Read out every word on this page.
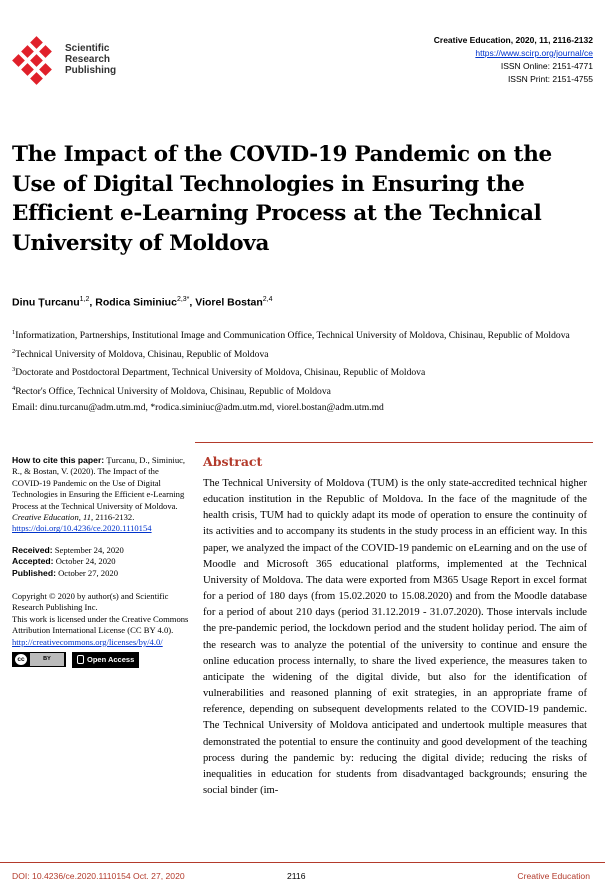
Scientific
Research
Publishing
Creative Education, 2020, 11, 2116-2132
https://www.scirp.org/journal/ce
ISSN Online: 2151-4771
ISSN Print: 2151-4755
The Impact of the COVID-19 Pandemic on the Use of Digital Technologies in Ensuring the Efficient e-Learning Process at the Technical University of Moldova
Dinu Țurcanu$^{1,2}$, Rodica Siminiuc$^{2,3*}$, Viorel Bostan$^{2,4}$
$^1$Informatization, Partnerships, Institutional Image and Communication Office, Technical University of Moldova, Chisinau, Republic of Moldova
$^2$Technical University of Moldova, Chisinau, Republic of Moldova
$^3$Doctorate and Postdoctoral Department, Technical University of Moldova, Chisinau, Republic of Moldova
$^4$Rector's Office, Technical University of Moldova, Chisinau, Republic of Moldova
Email: dinu.turcanu@adm.utm.md, *rodica.siminiuc@adm.utm.md, viorel.bostan@adm.utm.md
How to cite this paper: Țurcanu, D., Siminiuc, R., & Bostan, V. (2020). The Impact of the COVID-19 Pandemic on the Use of Digital Technologies in Ensuring the Efficient e-Learning Process at the Technical University of Moldova. Creative Education, 11, 2116-2132.
https://doi.org/10.4236/ce.2020.1110154
Received: September 24, 2020
Accepted: October 24, 2020
Published: October 27, 2020
Copyright © 2020 by author(s) and Scientific Research Publishing Inc.
This work is licensed under the Creative Commons Attribution International License (CC BY 4.0).
http://creativecommons.org/licenses/by/4.0/
cc	BY	Open Access
Abstract

The Technical University of Moldova (TUM) is the only state-accredited technical higher education institution in the Republic of Moldova. In the face of the magnitude of the health crisis, TUM had to quickly adapt its mode of operation to ensure the continuity of its activities and to accompany its students in the study process in an efficient way. In this paper, we analyzed the impact of the COVID-19 pandemic on eLearning and on the use of Moodle and Microsoft 365 educational platforms, implemented at the Technical University of Moldova. The data were exported from M365 Usage Report in excel format for a period of 180 days (from 15.02.2020 to 15.08.2020) and from the Moodle database for a period of about 210 days (period 31.12.2019 - 31.07.2020). Those intervals include the pre-pandemic period, the lockdown period and the student holiday period. The aim of the research was to analyze the potential of the university to continue and ensure the online education process internally, to share the lived experience, the measures taken to anticipate the widening of the digital divide, but also for the identification of vulnerabilities and reasoned planning of exit strategies, in an appropriate frame of reference, depending on subsequent developments related to the COVID-19 pandemic. The Technical University of Moldova anticipated and undertook multiple measures that demonstrated the potential to ensure the continuity and good development of the teaching process during the pandemic by: reducing the digital divide; reducing the risks of inequalities in education for students from disadvantaged backgrounds; ensuring the social binder (im-

DOI: 10.4236/ce.2020.1110154 Oct. 27, 2020	2116	Creative Education
